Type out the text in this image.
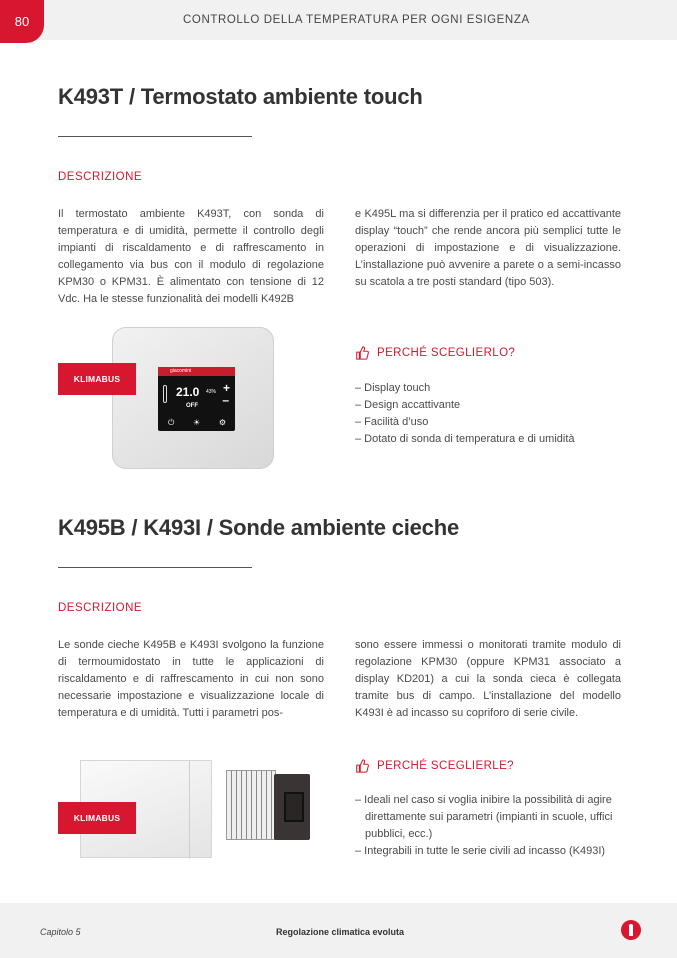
80	CONTROLLO DELLA TEMPERATURA PER OGNI ESIGENZA
K493T / Termostato ambiente touch
DESCRIZIONE

Il termostato ambiente K493T, con sonda di temperatura e di umidità, permette il controllo degli impianti di riscaldamento e di raffrescamento in collegamento via bus con il modulo di regolazione KPM30 o KPM31. È alimentato con tensione di 12 Vdc. Ha le stesse funzionalità dei modelli K492B

e K495L ma si differenzia per il pratico ed accattivante display “touch” che rende ancora più semplici tutte le operazioni di impostazione e di visualizzazione. L’installazione può avvenire a parete o a semi-incasso su scatola a tre posti standard (tipo 503).

giacomini
21.0 43% +
–
OFF
⏻ ☀ ⚙
KLIMABUS
PERCHÉ SCEGLIERLO?
– Display touch
– Design accattivante
– Facilità d’uso
– Dotato di sonda di temperatura e di umidità
K495B / K493I / Sonde ambiente cieche
DESCRIZIONE

Le sonde cieche K495B e K493I svolgono la funzione di termoumidostato in tutte le applicazioni di riscaldamento e di raffrescamento in cui non sono necessarie impostazione e visualizzazione locale di temperatura e di umidità. Tutti i parametri pos-

sono essere immessi o monitorati tramite modulo di regolazione KPM30 (oppure KPM31 associato a display KD201) a cui la sonda cieca è collegata tramite bus di campo. L’installazione del modello K493I è ad incasso su copriforo di serie civile.

KLIMABUS
PERCHÉ SCEGLIERLE?
– Ideali nel caso si voglia inibire la possibilità di agire direttamente sui parametri (impianti in scuole, uffici pubblici, ecc.)
– Integrabili in tutte le serie civili ad incasso (K493I)
Capitolo 5	Regolazione climatica evoluta
